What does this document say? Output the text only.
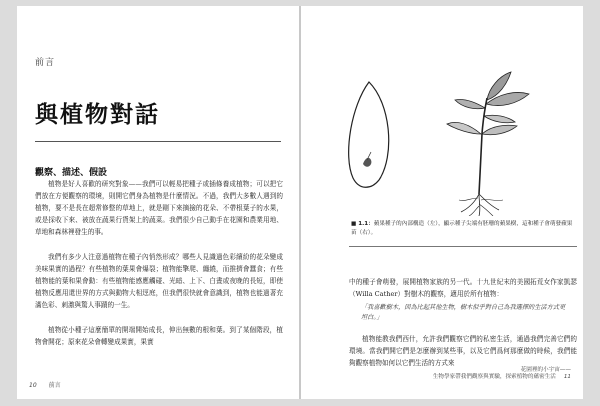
前言
與植物對話
觀察、描述、假設

植物是好人喜歡的研究對象——我們可以輕易把種子或插條養成植物；可以把它們放在方便觀察的環境，則開它們身為植物是什麼情況。不過，我們大多數人遇到的植物，要不是長在超常修整的草地上，就是剛下來摘撿的花朵、不帶根葉子的水果，或是採收下來、被放在蔬果行貨架上的蔬菜。我們很少自己動手在花園和農業用地、草地和森林裡發生的事。

我們有多少人注意過植物在種子內悄然形成？哪些人見識過色彩繽紛的花朵變成美味果實的過程？有些植物的葉果會爆裂；植物能擎爬、纏繞，而推擠會蠶食；有些植物能的葉和果會動：有些植物能感應觸碰、光暗、上下、白晝或夜晚的長短，即使植物反應用還世界的方式與動物大相逕庭，但我們很快就會意識到，植物也能過著充滿色彩、刺激與驚人事蹟的一生。

植物從小種子這麼簡單的開端開始成長，伸出無數的根和葉。到了某個階段，植物會開花；原來花朵會轉變成果實，果實

10 前言
■ 1.1：蘋果種子的內部構造（左），顯示種子尖端有胚珊的蘋果樹，這和種子會萌發蘋果苗（右）。

中的種子會萌發，展開植物家族的另一代。十九世紀末的美國拓荒女作家凱瑟（Willa Cather）對樹木的觀察，適用於所有植物：

「我喜歡樹木，因為比起其他生物，樹木似乎對自己為我選擇的生活方式更坦白。」

植物能教我們西什，允許我們觀察它們的私密生活，通過我們完善它們的環境。當我們開它們是怎麼辦到某些事，以及它們爲何那麼做的時候，我們能夠觀察植物如何以它們生活的方式來

花園裡的小宇宙——
生物學家帶我們觀察與實驗，探索植物的蘊密生活 11
